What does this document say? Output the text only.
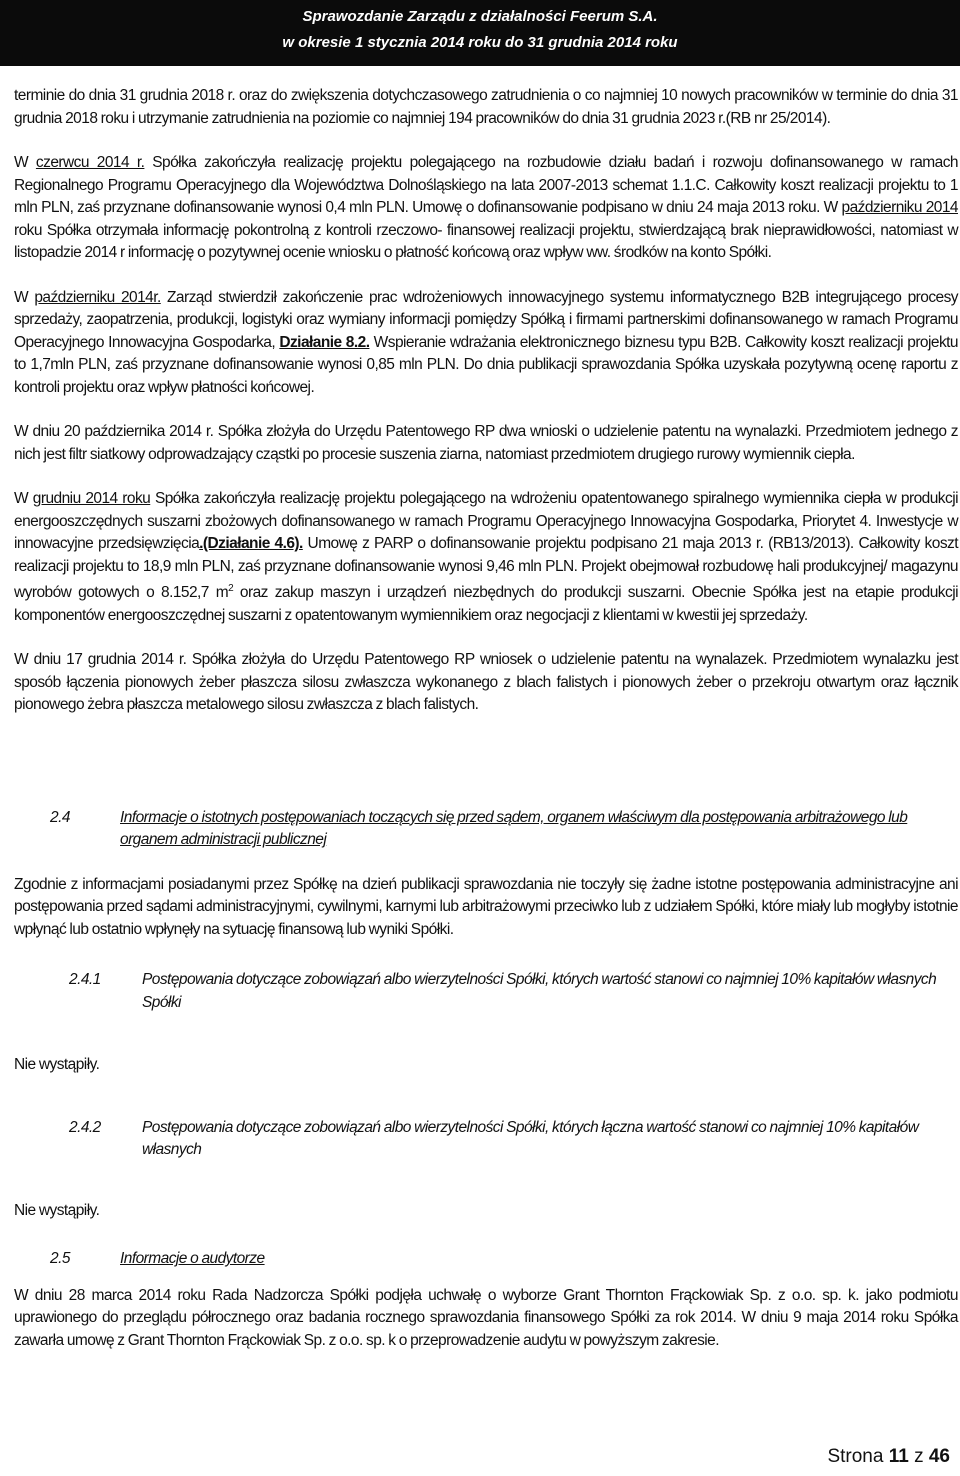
Sprawozdanie Zarządu z działalności Feerum S.A.
w okresie 1 stycznia 2014 roku do 31 grudnia 2014 roku

terminie do dnia 31 grudnia 2018 r. oraz do zwiększenia dotychczasowego zatrudnienia o co najmniej 10 nowych pracowników w terminie do dnia 31 grudnia 2018 roku i utrzymanie zatrudnienia na poziomie co najmniej 194 pracowników do dnia 31 grudnia 2023 r.(RB nr 25/2014).

W czerwcu 2014 r. Spółka zakończyła realizację projektu polegającego na rozbudowie działu badań i rozwoju dofinansowanego w ramach Regionalnego Programu Operacyjnego dla Województwa Dolnośląskiego na lata 2007-2013 schemat 1.1.C. Całkowity koszt realizacji projektu to 1 mln PLN, zaś przyznane dofinansowanie wynosi 0,4 mln PLN. Umowę o dofinansowanie podpisano w dniu 24 maja 2013 roku. W październiku 2014 roku Spółka otrzymała informację pokontrolną z kontroli rzeczowo- finansowej realizacji projektu, stwierdzającą brak nieprawidłowości, natomiast w listopadzie 2014 r informację o pozytywnej ocenie wniosku o płatność końcową oraz wpływ ww. środków na konto Spółki.

W październiku 2014r. Zarząd stwierdził zakończenie prac wdrożeniowych innowacyjnego systemu informatycznego B2B integrującego procesy sprzedaży, zaopatrzenia, produkcji, logistyki oraz wymiany informacji pomiędzy Spółką i firmami partnerskimi dofinansowanego w ramach Programu Operacyjnego Innowacyjna Gospodarka, Działanie 8.2. Wspieranie wdrażania elektronicznego biznesu typu B2B. Całkowity koszt realizacji projektu to 1,7mln PLN, zaś przyznane dofinansowanie wynosi 0,85 mln PLN. Do dnia publikacji sprawozdania Spółka uzyskała pozytywną ocenę raportu z kontroli projektu oraz wpływ płatności końcowej.

W dniu 20 października 2014 r. Spółka złożyła do Urzędu Patentowego RP dwa wnioski o udzielenie patentu na wynalazki. Przedmiotem jednego z nich jest filtr siatkowy odprowadzający cząstki po procesie suszenia ziarna, natomiast przedmiotem drugiego rurowy wymiennik ciepła.

W grudniu 2014 roku Spółka zakończyła realizację projektu polegającego na wdrożeniu opatentowanego spiralnego wymiennika ciepła w produkcji energooszczędnych suszarni zbożowych dofinansowanego w ramach Programu Operacyjnego Innowacyjna Gospodarka, Priorytet 4. Inwestycje w innowacyjne przedsięwzięcia.(Działanie 4.6). Umowę z PARP o dofinansowanie projektu podpisano 21 maja 2013 r. (RB13/2013). Całkowity koszt realizacji projektu to 18,9 mln PLN, zaś przyznane dofinansowanie wynosi 9,46 mln PLN. Projekt obejmował rozbudowę hali produkcyjnej/ magazynu wyrobów gotowych o 8.152,7 $m^2$ oraz zakup maszyn i urządzeń niezbędnych do produkcji suszarni. Obecnie Spółka jest na etapie produkcji komponentów energooszczędnej suszarni z opatentowanym wymiennikiem oraz negocjacji z klientami w kwestii jej sprzedaży.

W dniu 17 grudnia 2014 r. Spółka złożyła do Urzędu Patentowego RP wniosek o udzielenie patentu na wynalazek. Przedmiotem wynalazku jest sposób łączenia pionowych żeber płaszcza silosu zwłaszcza wykonanego z blach falistych i pionowych żeber o przekroju otwartym oraz łącznik pionowego żebra płaszcza metalowego silosu zwłaszcza z blach falistych.

2.4	Informacje o istotnych postępowaniach toczących się przed sądem, organem właściwym dla postępowania arbitrażowego lub organem administracji publicznej

Zgodnie z informacjami posiadanymi przez Spółkę na dzień publikacji sprawozdania nie toczyły się żadne istotne postępowania administracyjne ani postępowania przed sądami administracyjnymi, cywilnymi, karnymi lub arbitrażowymi przeciwko lub z udziałem Spółki, które miały lub mogłyby istotnie wpłynąć lub ostatnio wpłynęły na sytuację finansową lub wyniki Spółki.

2.4.1	Postępowania dotyczące zobowiązań albo wierzytelności Spółki, których wartość stanowi co najmniej 10% kapitałów własnych Spółki

Nie wystąpiły.

2.4.2	Postępowania dotyczące zobowiązań albo wierzytelności Spółki, których łączna wartość stanowi co najmniej 10% kapitałów własnych

Nie wystąpiły.

2.5	Informacje o audytorze

W dniu 28 marca 2014 roku Rada Nadzorcza Spółki podjęła uchwałę o wyborze Grant Thornton Frąckowiak Sp. z o.o. sp. k. jako podmiotu uprawionego do przeglądu półrocznego oraz badania rocznego sprawozdania finansowego Spółki za rok 2014. W dniu 9 maja 2014 roku Spółka zawarła umowę z Grant Thornton Frąckowiak Sp. z o.o. sp. k o przeprowadzenie audytu w powyższym zakresie.

Strona 11 z 46
